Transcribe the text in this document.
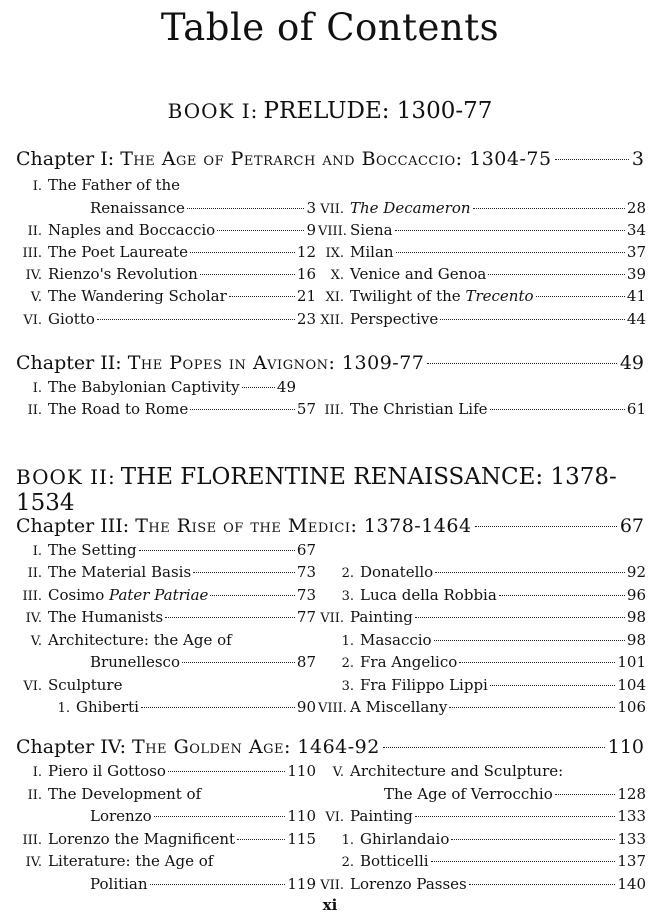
Table of Contents
BOOK I: PRELUDE: 1300-77
Chapter I:
The Age of Petrarch and Boccaccio: 1304-75	3
I. The Father of the
Renaissance	3
II. Naples and Boccaccio	9
III. The Poet Laureate	12
IV. Rienzo's Revolution	16
V. The Wandering Scholar	21
VI. Giotto	23
VII. The Decameron	28
VIII. Siena	34
IX. Milan	37
X. Venice and Genoa	39
XI. Twilight of the Trecento	41
XII. Perspective	44
Chapter II:
The Popes in Avignon: 1309-77	49
I. The Babylonian Captivity 49
II. The Road to Rome	57 III. The Christian Life	61
BOOK II: THE FLORENTINE RENAISSANCE: 1378-1534
Chapter III:
The Rise of the Medici: 1378-1464	67
I. The Setting	67
II. The Material Basis	73
III. Cosimo Pater Patriae	73
IV. The Humanists	77
V. Architecture: the Age of
Brunellesco	87
VI. Sculpture
1. Ghiberti	90
2. Donatello	92
3. Luca della Robbia	96
VII. Painting	98
1. Masaccio	98
2. Fra Angelico	101
3. Fra Filippo Lippi	104
VIII. A Miscellany	106
Chapter IV:
The Golden Age: 1464-92	110
I. Piero il Gottoso	110
II. The Development of
Lorenzo	110
III. Lorenzo the Magnificent	115
IV. Literature: the Age of
Politian	119
V. Architecture and Sculpture:
The Age of Verrocchio	128
VI. Painting	133
1. Ghirlandaio	133
2. Botticelli	137
VII. Lorenzo Passes	140
xi
